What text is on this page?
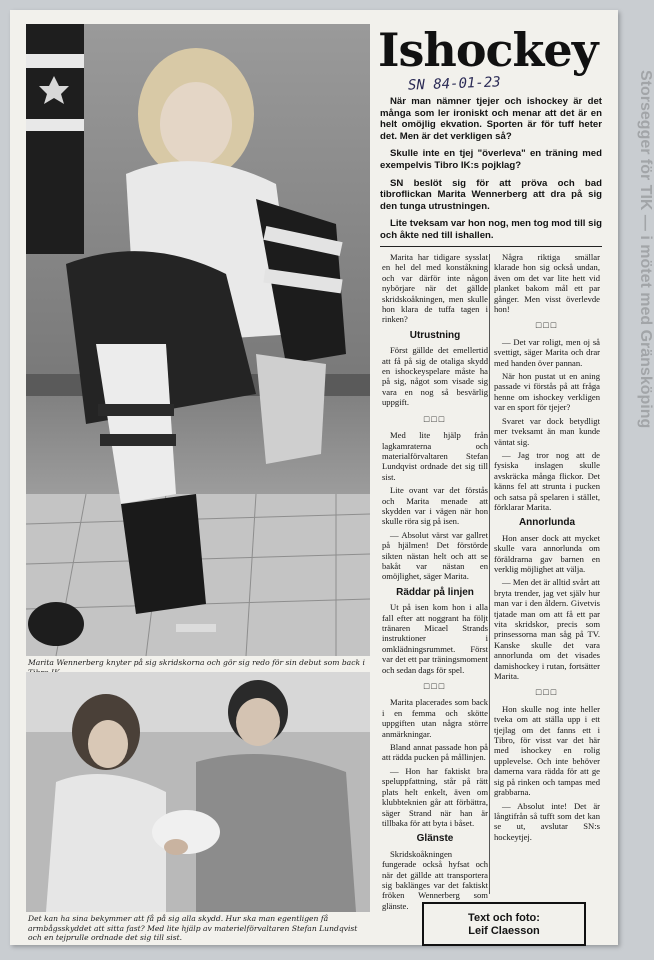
Marita Wennerberg knyter på sig skridskorna och gör sig redo för sin debut som back i
Det kan ha sina bekymmer att få på sig alla skydd. Hur ska man egentligen få armbågsskyddet att sitta fast? Med lite hjälp av materielförvaltaren Stefan Lundqvist och en tejprulle ordnade det sig till sist.
Ishockey
SN 84-01-23

När man nämner tjejer och ishockey är det många som ler ironiskt och menar att det är en helt omöjlig ekvation. Sporten är för tuff heter det. Men är det verkligen så?

Skulle inte en tjej "överleva" en träning med exempelvis Tibro IK:s pojklag?

SN beslöt sig för att pröva och bad tibroflickan Marita Wennerberg att dra på sig den tunga utrustningen.

Lite tveksam var hon nog, men tog mod till sig och åkte ned till ishallen.

Marita har tidigare sysslat en hel del med konståkning och var därför inte någon nybörjare när det gällde skridskoåkningen, men skulle hon klara de tuffa tagen i rinken?

Utrustning

Först gällde det emellertid att få på sig de otaliga skydd en ishockeyspelare måste ha på sig, något som visade sig vara en nog så besvärlig uppgift.

□□□

Med lite hjälp från lagkamraterna och materialförvaltaren Stefan Lundqvist ordnade det sig till sist.

Lite ovant var det förstås och Marita menade att skydden var i vägen när hon skulle röra sig på isen.

— Absolut värst var gallret på hjälmen! Det förstörde sikten nästan helt och att se bakåt var nästan en omöjlighet, säger Marita.

Räddar på linjen

Ut på isen kom hon i alla fall efter att noggrant ha följt tränaren Micael Strands instruktioner i omklädningsrummet. Först var det ett par träningsmoment och sedan dags för spel.

□□□

Marita placerades som back i en femma och skötte uppgiften utan några större anmärkningar.

Bland annat passade hon på att rädda pucken på mållinjen.

— Hon har faktiskt bra speluppfattning, står på rätt plats helt enkelt, även om klubbteknien går att förbättra, säger Strand när han är tillbaka för att byta i båset.

Glänste

Skridskoåkningen fungerade också hyfsat och när det gällde att transportera sig baklänges var det faktiskt fröken Wennerberg som glänste.

Några riktiga smällar klarade hon sig också undan, även om det var lite hett vid planket bakom mål ett par gånger. Men visst överlevde hon!

□□□

— Det var roligt, men oj så svettigt, säger Marita och drar med handen över pannan.

När hon pustat ut en aning passade vi förstås på att fråga henne om ishockey verkligen var en sport för tjejer?

Svaret var dock betydligt mer tveksamt än man kunde väntat sig.

— Jag tror nog att de fysiska inslagen skulle avskräcka många flickor. Det känns fel att strunta i pucken och satsa på spelaren i stället, förklarar Marita.

Annorlunda

Hon anser dock att mycket skulle vara annorlunda om föräldrarna gav barnen en verklig möjlighet att välja.

— Men det är alltid svårt att bryta trender, jag vet själv hur man var i den åldern. Givetvis tjatade man om att få ett par vita skridskor, precis som prinsessorna man såg på TV. Kanske skulle det vara annorlunda om det visades damishockey i rutan, fortsätter Marita.

□□□

Hon skulle nog inte heller tveka om att ställa upp i ett tjejlag om det fanns ett i Tibro, för visst var det här med ishockey en rolig upplevelse. Och inte behöver damerna vara rädda för att ge sig på rinken och tampas med grabbarna.

— Absolut inte! Det är långtifrån så tufft som det kan se ut, avslutar SN:s hockeytjej.

Text och foto:
Leif Claesson
Storsegger för TIK — i mötet med Gränsköping
